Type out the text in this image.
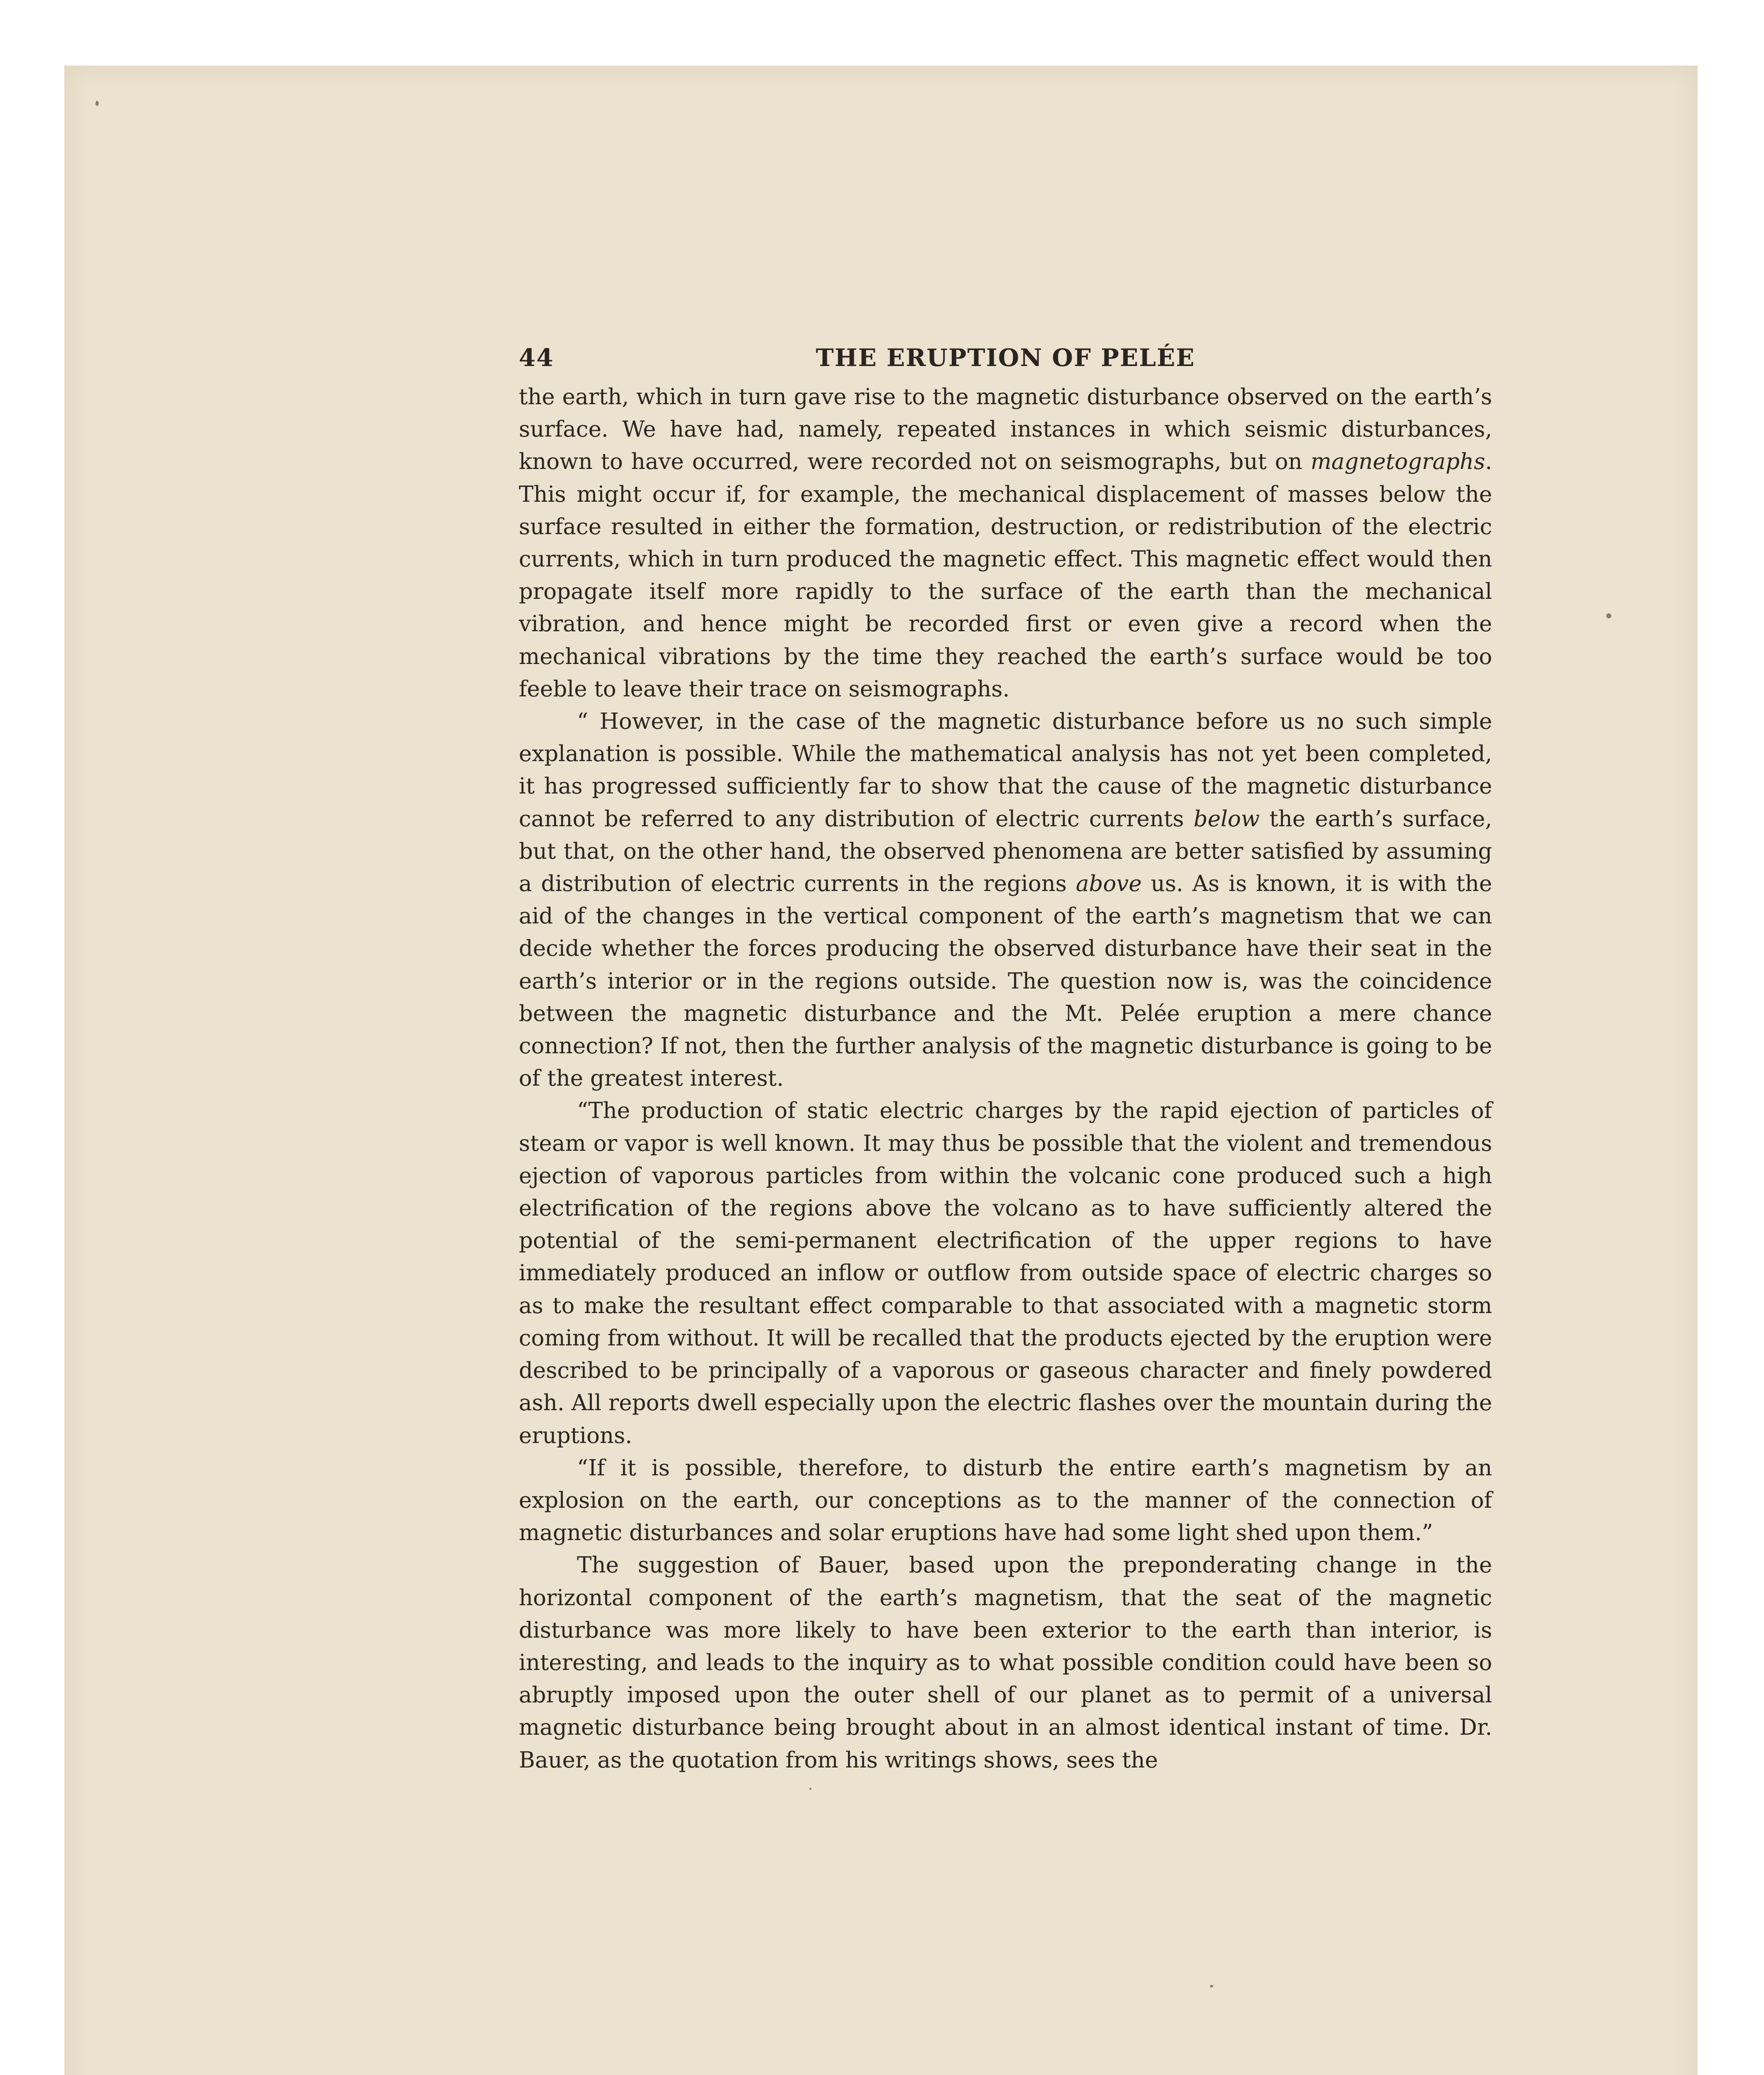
44	THE ERUPTION OF PELÉE

the earth, which in turn gave rise to the magnetic disturbance observed on the earth’s surface. We have had, namely, repeated instances in which seismic disturbances, known to have occurred, were recorded not on seismographs, but on magnetographs. This might occur if, for example, the mechanical displacement of masses below the surface resulted in either the formation, destruction, or redistribution of the electric currents, which in turn produced the magnetic effect. This magnetic effect would then propagate itself more rapidly to the surface of the earth than the mechanical vibration, and hence might be recorded first or even give a record when the mechanical vibrations by the time they reached the earth’s surface would be too feeble to leave their trace on seismographs.

“ However, in the case of the magnetic disturbance before us no such simple explanation is possible. While the mathematical analysis has not yet been completed, it has progressed sufficiently far to show that the cause of the magnetic disturbance cannot be referred to any distribution of electric currents below the earth’s surface, but that, on the other hand, the observed phenomena are better satisfied by assuming a distribution of electric currents in the regions above us. As is known, it is with the aid of the changes in the vertical component of the earth’s magnetism that we can decide whether the forces producing the observed disturbance have their seat in the earth’s interior or in the regions outside. The question now is, was the coincidence between the magnetic disturbance and the Mt. Pelée eruption a mere chance connection? If not, then the further analysis of the magnetic disturbance is going to be of the greatest interest.

“The production of static electric charges by the rapid ejection of particles of steam or vapor is well known. It may thus be possible that the violent and tremendous ejection of vaporous particles from within the volcanic cone produced such a high electrification of the regions above the volcano as to have sufficiently altered the potential of the semi-permanent electrification of the upper regions to have immediately produced an inflow or outflow from outside space of electric charges so as to make the resultant effect comparable to that associated with a magnetic storm coming from without. It will be recalled that the products ejected by the eruption were described to be principally of a vaporous or gaseous character and finely powdered ash. All reports dwell especially upon the electric flashes over the mountain during the eruptions.

“If it is possible, therefore, to disturb the entire earth’s magnetism by an explosion on the earth, our conceptions as to the manner of the connection of magnetic disturbances and solar eruptions have had some light shed upon them.”

The suggestion of Bauer, based upon the preponderating change in the horizontal component of the earth’s magnetism, that the seat of the magnetic disturbance was more likely to have been exterior to the earth than interior, is interesting, and leads to the inquiry as to what possible condition could have been so abruptly imposed upon the outer shell of our planet as to permit of a universal magnetic disturbance being brought about in an almost identical instant of time. Dr. Bauer, as the quotation from his writings shows, sees the
